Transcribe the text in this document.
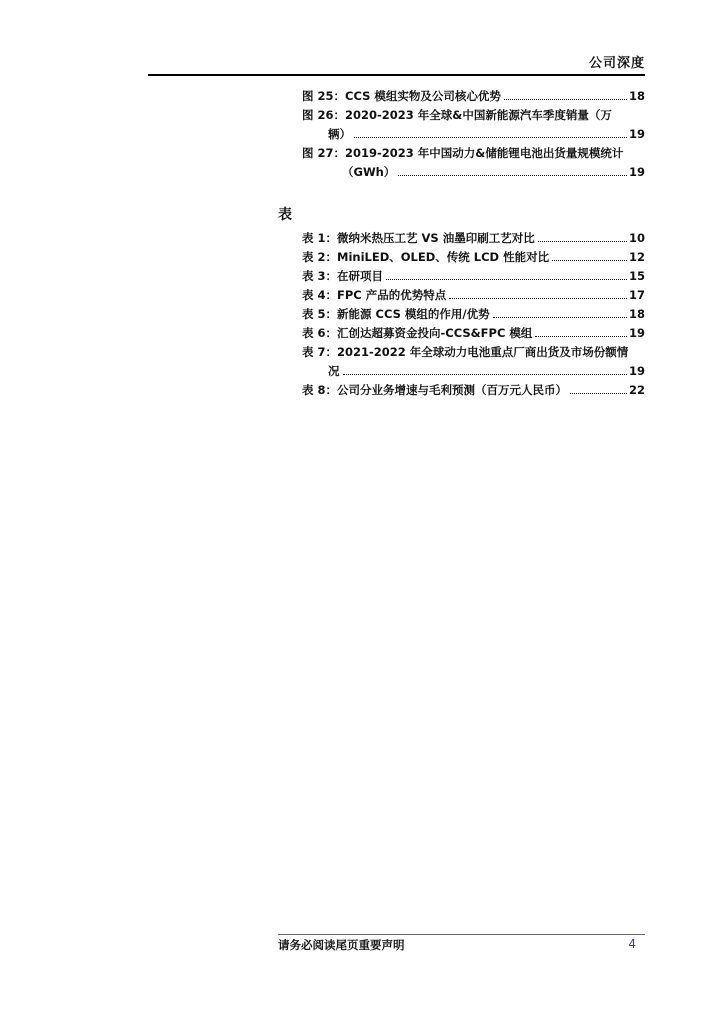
公司深度
图 25：CCS 模组实物及公司核心优势	18
图 26：2020-2023 年全球&中国新能源汽车季度销量（万
辆）	19
图 27：2019-2023 年中国动力&储能锂电池出货量规模统计
（GWh）	19
表
表 1：微纳米热压工艺 VS 油墨印刷工艺对比	10
表 2：MiniLED、OLED、传统 LCD 性能对比	12
表 3：在研项目	15
表 4：FPC 产品的优势特点	17
表 5：新能源 CCS 模组的作用/优势	18
表 6：汇创达超募资金投向-CCS&FPC 模组	19
表 7：2021-2022 年全球动力电池重点厂商出货及市场份额情
况	19
表 8：公司分业务增速与毛利预测（百万元人民币）	22
请务必阅读尾页重要声明	4
